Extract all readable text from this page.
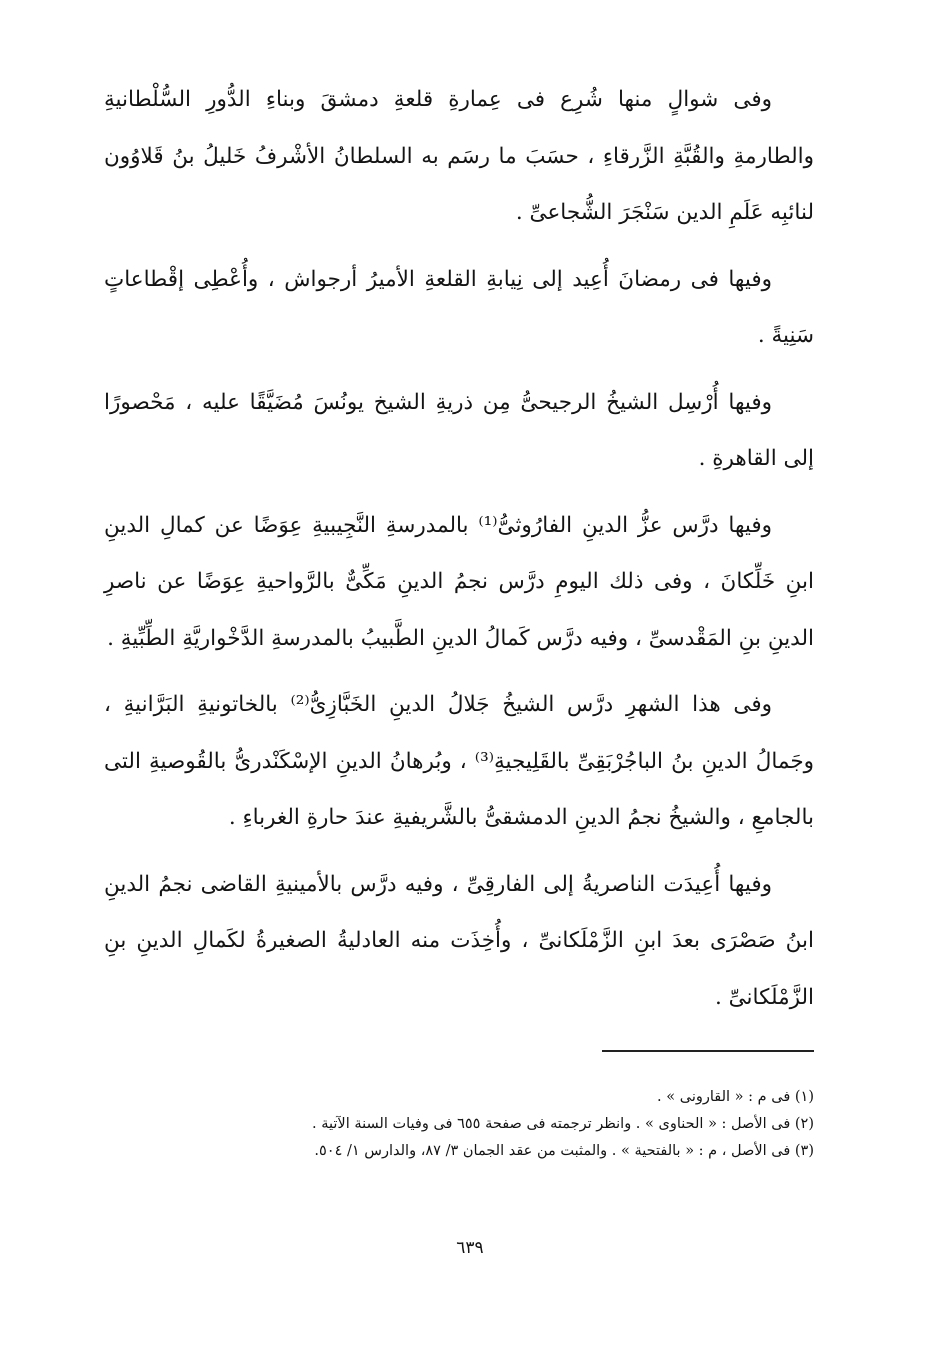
وفى شوالٍ منها شُرِع فى عِمارةِ قلعةِ دمشقَ وبناءِ الدُّورِ السُّلْطانيةِ والطارمةِ والقُبَّةِ الزَّرقاءِ ، حسَبَ ما رسَم به السلطانُ الأشْرفُ خَليلُ بنُ قَلاوُون لنائبِه عَلَمِ الدين سَنْجَرَ الشُّجاعىِّ .

وفيها فى رمضانَ أُعِيد إلى نِيابةِ القلعةِ الأميرُ أرجواش ، وأُعْطِى إقْطاعاتٍ سَنِيةً .

وفيها أُرْسِل الشيخُ الرجيحىُّ مِن ذريةِ الشيخ يونُسَ مُضَيَّقًا عليه ، مَحْصورًا إلى القاهرةِ .

وفيها درَّس عزُّ الدينِ الفارُوثىُّ⁽¹⁾ بالمدرسةِ النَّجِيبيةِ عِوَضًا عن كمالِ الدينِ ابنِ خَلِّكانَ ، وفى ذلك اليومِ درَّس نجمُ الدينِ مَكِّىٌّ بالرَّواحيةِ عِوَضًا عن ناصرِ الدينِ بنِ المَقْدسىِّ ، وفيه درَّس كَمالُ الدينِ الطَّبيبُ بالمدرسةِ الدَّخْواريَّةِ الطِّبِّيةِ .

وفى هذا الشهرِ درَّس الشيخُ جَلالُ الدينِ الخَبَّازِىُّ⁽²⁾ بالخاتونيةِ البَرَّانيةِ ، وجَمالُ الدينِ بنُ الباجُرْبَقِىِّ بالقَلِيجيةِ⁽³⁾ ، وبُرهانُ الدينِ الإسْكَنْدرىُّ بالقُوصيةِ التى بالجامعِ ، والشيخُ نجمُ الدينِ الدمشقىُّ بالشَّريفيةِ عندَ حارةِ الغرباءِ .

وفيها أُعِيدَت الناصريةُ إلى الفارقِىِّ ، وفيه درَّس بالأمينيةِ القاضى نجمُ الدينِ ابنُ صَصْرَى بعدَ ابنِ الزَّمْلَكانىِّ ، وأُخِذَت منه العادليةُ الصغيرةُ لكَمالِ الدينِ بنِ الزَّمْلَكانىِّ .

(١) فى م : « القارونى » .

(٢) فى الأصل : « الحناوى » . وانظر ترجمته فى صفحة ٦٥٥ فى وفيات السنة الآتية .

(٣) فى الأصل ، م : « بالفتحية » . والمثبت من عقد الجمان ٣/ ٨٧، والدارس ١/ ٥٠٤.

٦٣٩
